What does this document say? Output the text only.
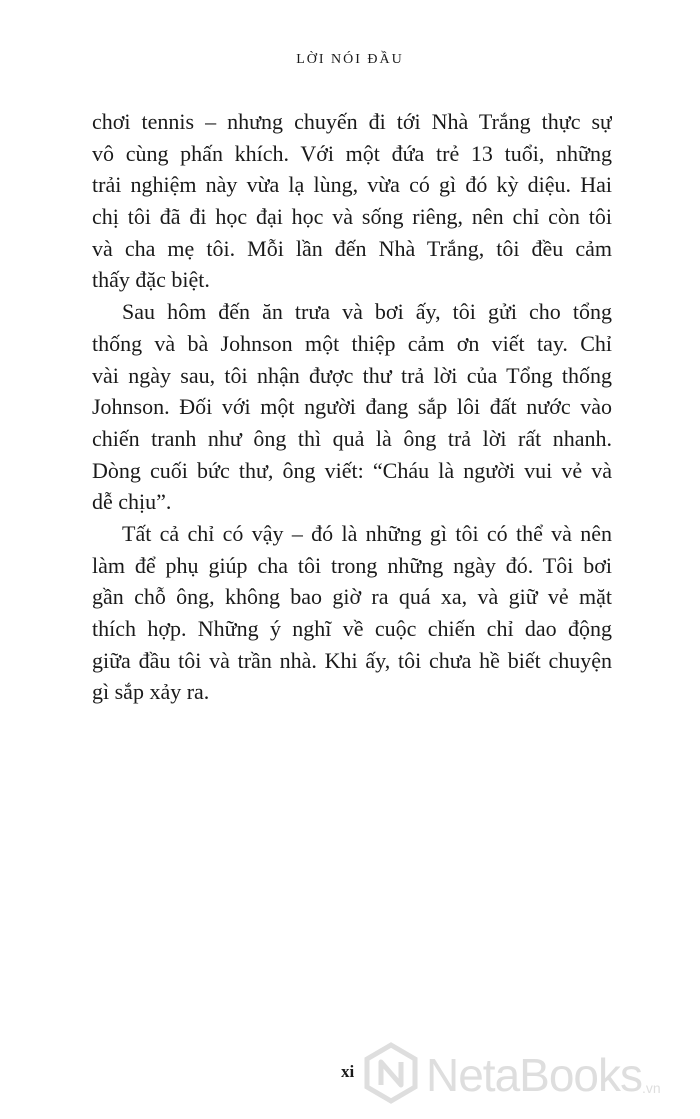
LỜI NÓI ĐẦU
chơi tennis – nhưng chuyến đi tới Nhà Trắng thực sự
vô cùng phấn khích. Với một đứa trẻ 13 tuổi, những
trải nghiệm này vừa lạ lùng, vừa có gì đó kỳ diệu. Hai
chị tôi đã đi học đại học và sống riêng, nên chỉ còn tôi
và cha mẹ tôi. Mỗi lần đến Nhà Trắng, tôi đều cảm
thấy đặc biệt.
Sau hôm đến ăn trưa và bơi ấy, tôi gửi cho tổng
thống và bà Johnson một thiệp cảm ơn viết tay. Chỉ
vài ngày sau, tôi nhận được thư trả lời của Tổng thống
Johnson. Đối với một người đang sắp lôi đất nước vào
chiến tranh như ông thì quả là ông trả lời rất nhanh.
Dòng cuối bức thư, ông viết: “Cháu là người vui vẻ và
dễ chịu”.
Tất cả chỉ có vậy – đó là những gì tôi có thể và nên
làm để phụ giúp cha tôi trong những ngày đó. Tôi bơi
gần chỗ ông, không bao giờ ra quá xa, và giữ vẻ mặt
thích hợp. Những ý nghĩ về cuộc chiến chỉ dao động
giữa đầu tôi và trần nhà. Khi ấy, tôi chưa hề biết chuyện
gì sắp xảy ra.
xi NetaBooks .vn
